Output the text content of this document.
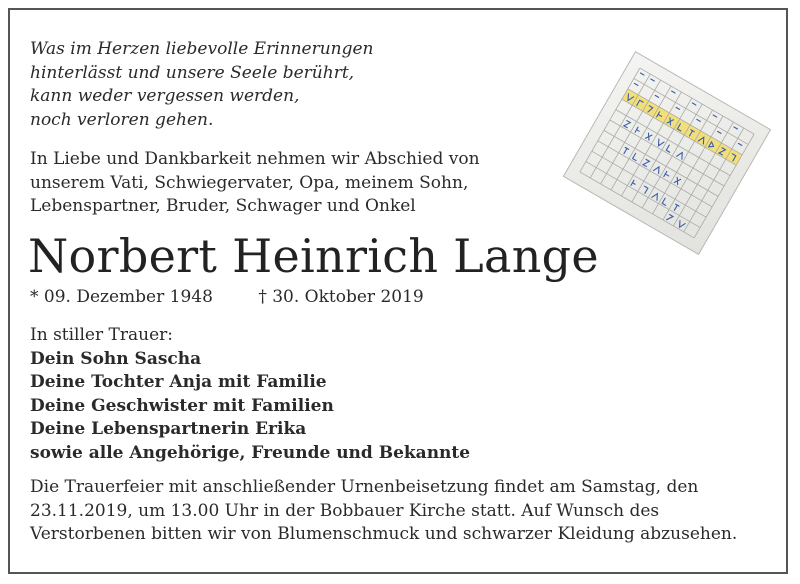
Was im Herzen liebevolle Erinnerungen
hinterlässt und unsere Seele berührt,
kann weder vergessen werden,
noch verloren gehen.
In Liebe und Dankbarkeit nehmen wir Abschied von
unserem Vati, Schwiegervater, Opa, meinem Sohn,
Lebenspartner, Bruder, Schwager und Onkel
Norbert Heinrich Lange
* 09. Dezember 1948	† 30. Oktober 2019
In stiller Trauer:
Dein Sohn Sascha
Deine Tochter Anja mit Familie
Deine Geschwister mit Familien
Deine Lebenspartnerin Erika
sowie alle Angehörige, Freunde und Bekannte
Die Trauerfeier mit anschließender Urnenbeisetzung findet am Samstag, den
23.11.2019, um 13.00 Uhr in der Bobbauer Kirche statt. Auf Wunsch des
Verstorbenen bitten wir von Blumenschmuck und schwarzer Kleidung abzusehen.
